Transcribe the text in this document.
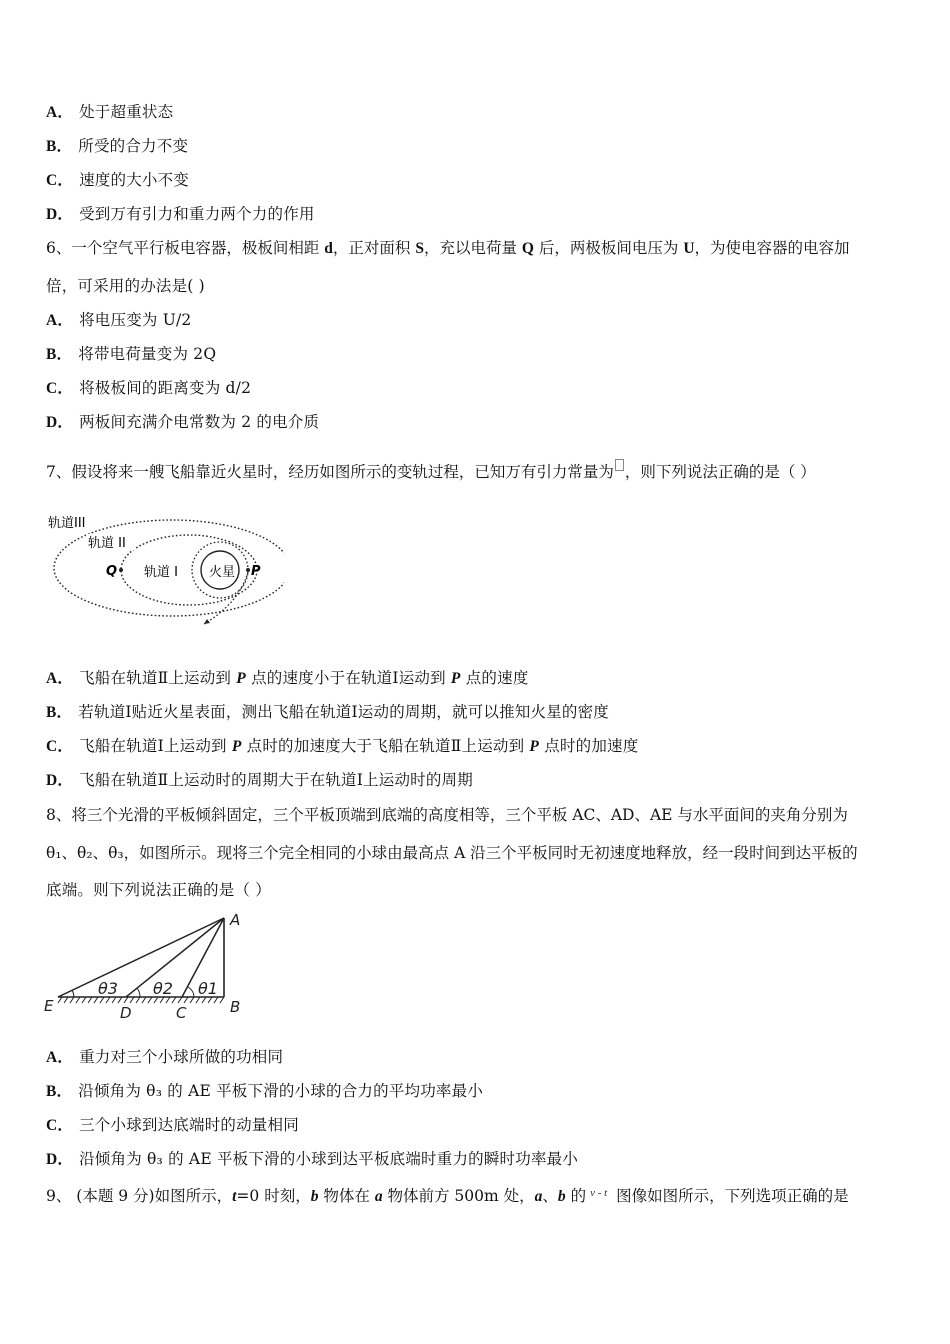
A． 处于超重状态
B． 所受的合力不变
C． 速度的大小不变
D． 受到万有引力和重力两个力的作用
6、一个空气平行板电容器，极板间相距 d，正对面积 S，充以电荷量 Q 后，两极板间电压为 U，为使电容器的电容加
倍，可采用的办法是( )
A． 将电压变为 U/2
B． 将带电荷量变为 2Q
C． 将极板间的距离变为 d/2
D． 两板间充满介电常数为 2 的电介质
7、假设将来一艘飞船靠近火星时，经历如图所示的变轨过程，已知万有引力常量为 ，则下列说法正确的是（ ）
火星
Q	P
轨道III
轨道 II
轨道 I
A． 飞船在轨道Ⅱ上运动到 P 点的速度小于在轨道Ⅰ运动到 P 点的速度
B． 若轨道Ⅰ贴近火星表面，测出飞船在轨道Ⅰ运动的周期，就可以推知火星的密度
C． 飞船在轨道Ⅰ上运动到 P 点时的加速度大于飞船在轨道Ⅱ上运动到 P 点时的加速度
D． 飞船在轨道Ⅱ上运动时的周期大于在轨道Ⅰ上运动时的周期
8、将三个光滑的平板倾斜固定，三个平板顶端到底端的高度相等，三个平板 AC、AD、AE 与水平面间的夹角分别为
θ₁、θ₂、θ₃，如图所示。现将三个完全相同的小球由最高点 A 沿三个平板同时无初速度地释放，经一段时间到达平板的
底端。则下列说法正确的是（ ）
A
B
C
D
E
θ3 θ2 θ1
A． 重力对三个小球所做的功相同
B． 沿倾角为 θ₃ 的 AE 平板下滑的小球的合力的平均功率最小
C． 三个小球到达底端时的动量相同
D． 沿倾角为 θ₃ 的 AE 平板下滑的小球到达平板底端时重力的瞬时功率最小
9、 (本题 9 分)如图所示，t=0 时刻，b 物体在 a 物体前方 500m 处，a、b 的 $^{v - t}$ 图像如图所示，下列选项正确的是
